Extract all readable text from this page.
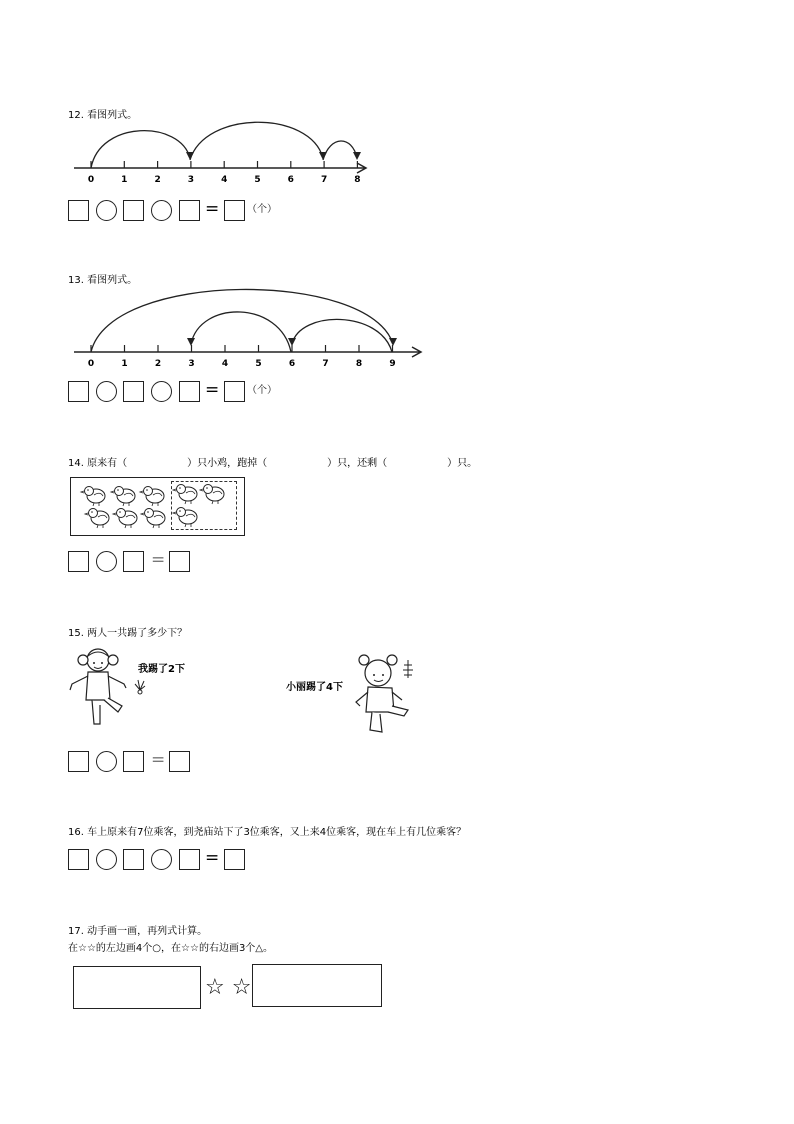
12. 看图列式。
0	1	2	3	4	5	6	7	8
=	（个）
13. 看图列式。
0	1	2	3	4	5	6	7	8	9
=	（个）
14. 原来有（　　　　　　）只小鸡，跑掉（　　　　　　）只，还剩（　　　　　　）只。
=
15. 两人一共踢了多少下？
我踢了2下
小丽踢了4下
=
16. 车上原来有7位乘客，到尧庙站下了3位乘客，又上来4位乘客，现在车上有几位乘客？
=
17. 动手画一画，再列式计算。
在☆☆的左边画4个○，在☆☆的右边画3个△。
☆ ☆
